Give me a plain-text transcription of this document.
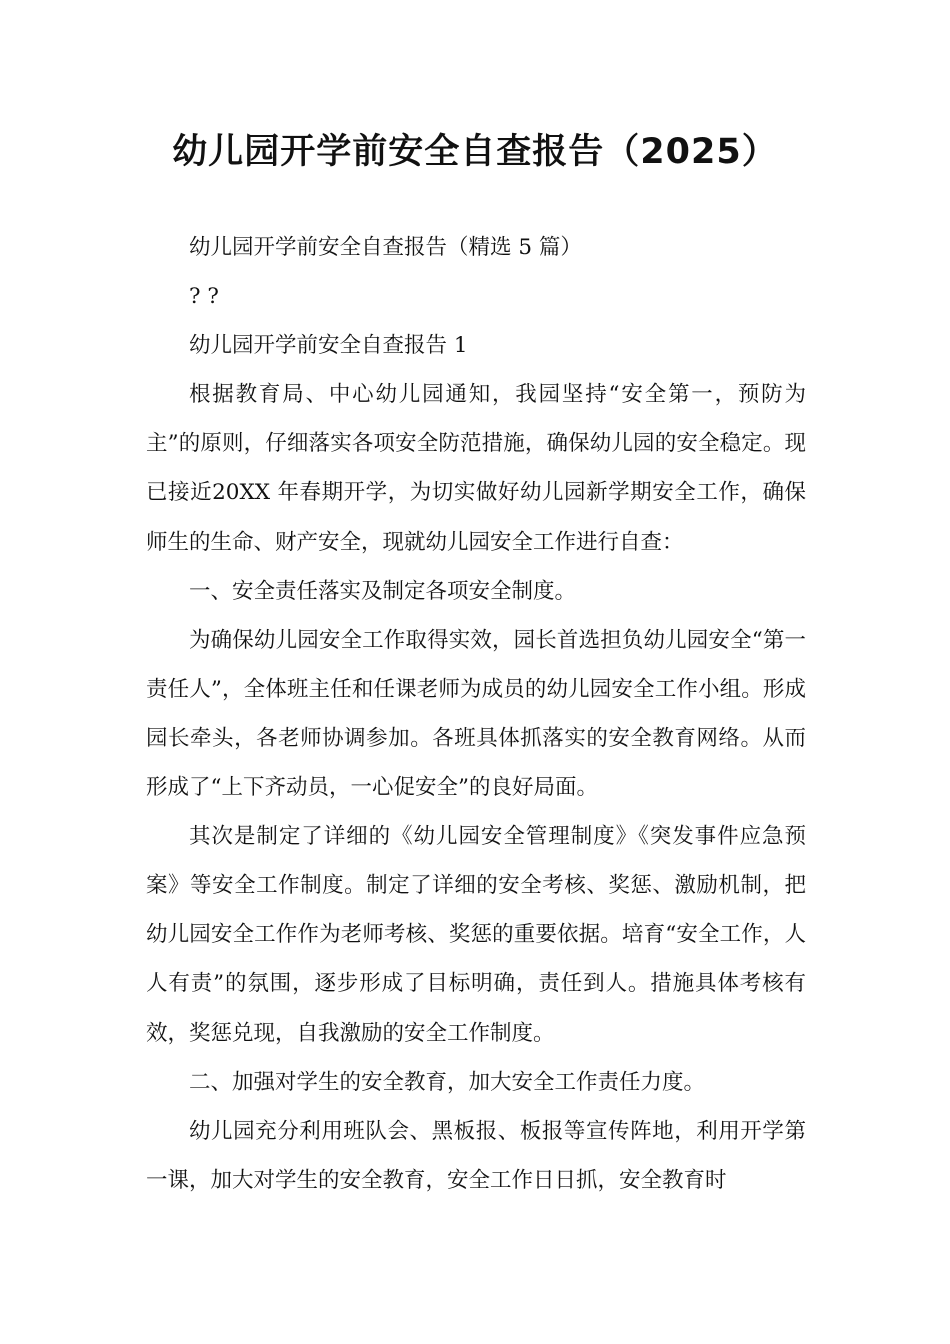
幼儿园开学前安全自查报告（2025）

幼儿园开学前安全自查报告（精选 5 篇）

? ?

幼儿园开学前安全自查报告 1

根据教育局、中心幼儿园通知，我园坚持“安全第一，预防为主”的原则，仔细落实各项安全防范措施，确保幼儿园的安全稳定。现已接近20XX 年春期开学，为切实做好幼儿园新学期安全工作，确保师生的生命、财产安全，现就幼儿园安全工作进行自查：

一、安全责任落实及制定各项安全制度。

为确保幼儿园安全工作取得实效，园长首选担负幼儿园安全“第一责任人”，全体班主任和任课老师为成员的幼儿园安全工作小组。形成园长牵头，各老师协调参加。各班具体抓落实的安全教育网络。从而形成了“上下齐动员，一心促安全”的良好局面。

其次是制定了详细的《幼儿园安全管理制度》《突发事件应急预案》等安全工作制度。制定了详细的安全考核、奖惩、激励机制，把幼儿园安全工作作为老师考核、奖惩的重要依据。培育“安全工作，人人有责”的氛围，逐步形成了目标明确，责任到人。措施具体考核有效，奖惩兑现，自我激励的安全工作制度。

二、加强对学生的安全教育，加大安全工作责任力度。

幼儿园充分利用班队会、黑板报、板报等宣传阵地，利用开学第一课，加大对学生的安全教育，安全工作日日抓，安全教育时
